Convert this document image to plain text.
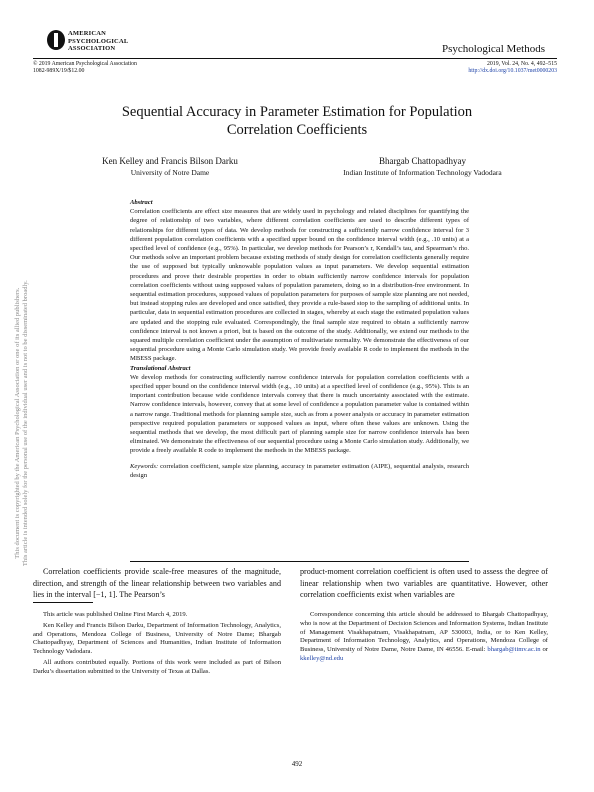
AMERICAN
PSYCHOLOGICAL
ASSOCIATION	Psychological Methods
© 2019 American Psychological Association
1082-989X/19/$12.00
2019, Vol. 24, No. 4, 492–515
http://dx.doi.org/10.1037/met0000203
Sequential Accuracy in Parameter Estimation for Population
Correlation Coefficients
Ken Kelley and Francis Bilson Darku
University of Notre Dame
Bhargab Chattopadhyay
Indian Institute of Information Technology Vadodara

Abstract

Correlation coefficients are effect size measures that are widely used in psychology and related disciplines for quantifying the degree of relationship of two variables, where different correlation coefficients are used to describe different types of relationships for different types of data. We develop methods for constructing a sufficiently narrow confidence interval for 3 different population correlation coefficients with a specified upper bound on the confidence interval width (e.g., .10 units) at a specified level of confidence (e.g., 95%). In particular, we develop methods for Pearson’s r, Kendall’s tau, and Spearman’s rho. Our methods solve an important problem because existing methods of study design for correlation coefficients generally require the use of supposed but typically unknowable population values as input parameters. We develop sequential estimation procedures and prove their desirable properties in order to obtain sufficiently narrow confidence intervals for population correlation coefficients without using supposed values of population parameters, doing so in a distribution-free environment. In sequential estimation procedures, supposed values of population parameters for purposes of sample size planning are not needed, but instead stopping rules are developed and once satisfied, they provide a rule-based stop to the sampling of additional units. In particular, data in sequential estimation procedures are collected in stages, whereby at each stage the estimated population values are updated and the stopping rule evaluated. Correspondingly, the final sample size required to obtain a sufficiently narrow confidence interval is not known a priori, but is based on the outcome of the study. Additionally, we extend our methods to the squared multiple correlation coefficient under the assumption of multivariate normality. We demonstrate the effectiveness of our sequential procedure using a Monte Carlo simulation study. We provide freely available R code to implement the methods in the MBESS package.

Translational Abstract

We develop methods for constructing sufficiently narrow confidence intervals for population correlation coefficients with a specified upper bound on the confidence interval width (e.g., .10 units) at a specified level of confidence (e.g., 95%). This is an important contribution because wide confidence intervals convey that there is much uncertainty associated with the estimate. Narrow confidence intervals, however, convey that at some level of confidence a population parameter value is contained within a narrow range. Traditional methods for planning sample size, such as from a power analysis or accuracy in parameter estimation perspective required population parameters or supposed values as input, where often these values are unknown. Using the sequential methods that we develop, the most difficult part of planning sample size for narrow confidence intervals has been eliminated. We demonstrate the effectiveness of our sequential procedure using a Monte Carlo simulation study. Additionally, we provide a freely available R code to implement the methods in the MBESS package.

Keywords: correlation coefficient, sample size planning, accuracy in parameter estimation (AIPE), sequential analysis, research design

Correlation coefficients provide scale-free measures of the magnitude, direction, and strength of the linear relationship between two variables and lies in the interval [−1, 1]. The Pearson’s
product-moment correlation coefficient is often used to assess the degree of linear relationship when two variables are quantitative. However, other correlation coefficients exist when variables are

This article was published Online First March 4, 2019.

Ken Kelley and Francis Bilson Darku, Department of Information Technology, Analytics, and Operations, Mendoza College of Business, University of Notre Dame; Bhargab Chattopadhyay, Department of Sciences and Humanities, Indian Institute of Information Technology Vadodara.

All authors contributed equally. Portions of this work were included as part of Bilson Darku’s dissertation submitted to the University of Texas at Dallas.

Correspondence concerning this article should be addressed to Bhargab Chattopadhyay, who is now at the Department of Decision Sciences and Information Systems, Indian Institute of Management Visakhapatnam, Visakhapatnam, AP 530003, India, or to Ken Kelley, Department of Information Technology, Analytics, and Operations, Mendoza College of Business, University of Notre Dame, Notre Dame, IN 46556. E-mail: bhargab@iimv.ac.in or kkelley@nd.edu

492
This document is copyrighted by the American Psychological Association or one of its allied publishers. This article is intended solely for the personal use of the individual user and is not to be disseminated broadly.
